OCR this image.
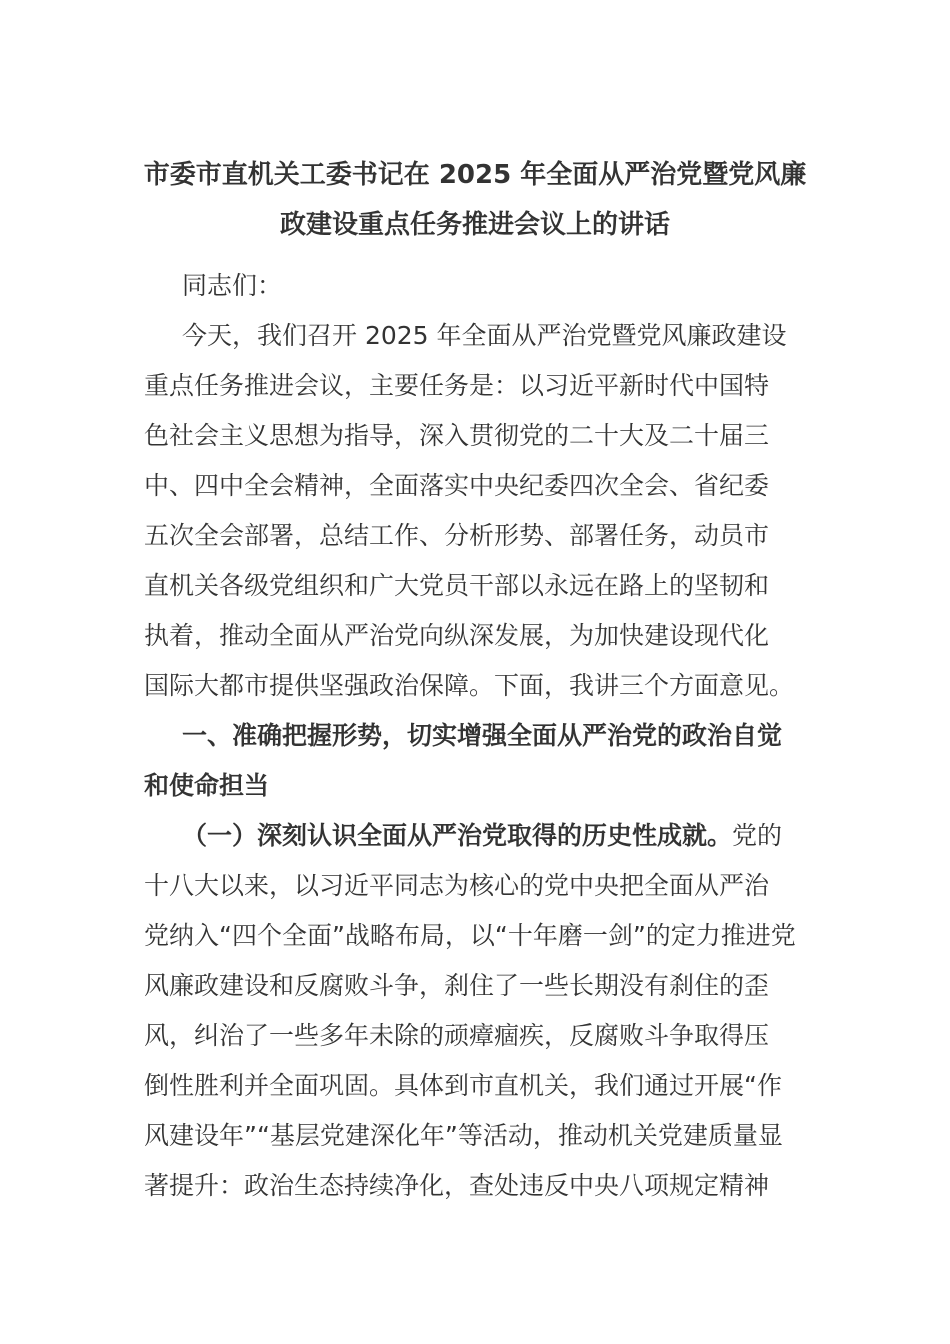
市委市直机关工委书记在 2025 年全面从严治党暨党风廉
政建设重点任务推进会议上的讲话
同志们：
今天，我们召开 2025 年全面从严治党暨党风廉政建设
重点任务推进会议，主要任务是：以习近平新时代中国特
色社会主义思想为指导，深入贯彻党的二十大及二十届三
中、四中全会精神，全面落实中央纪委四次全会、省纪委
五次全会部署，总结工作、分析形势、部署任务，动员市
直机关各级党组织和广大党员干部以永远在路上的坚韧和
执着，推动全面从严治党向纵深发展，为加快建设现代化
国际大都市提供坚强政治保障。下面，我讲三个方面意见。
一、准确把握形势，切实增强全面从严治党的政治自觉
和使命担当
（一）深刻认识全面从严治党取得的历史性成就。党的
十八大以来，以习近平同志为核心的党中央把全面从严治
党纳入“四个全面”战略布局，以“十年磨一剑”的定力推进党
风廉政建设和反腐败斗争，刹住了一些长期没有刹住的歪
风，纠治了一些多年未除的顽瘴痼疾，反腐败斗争取得压
倒性胜利并全面巩固。具体到市直机关，我们通过开展“作
风建设年”“基层党建深化年”等活动，推动机关党建质量显
著提升：政治生态持续净化，查处违反中央八项规定精神
